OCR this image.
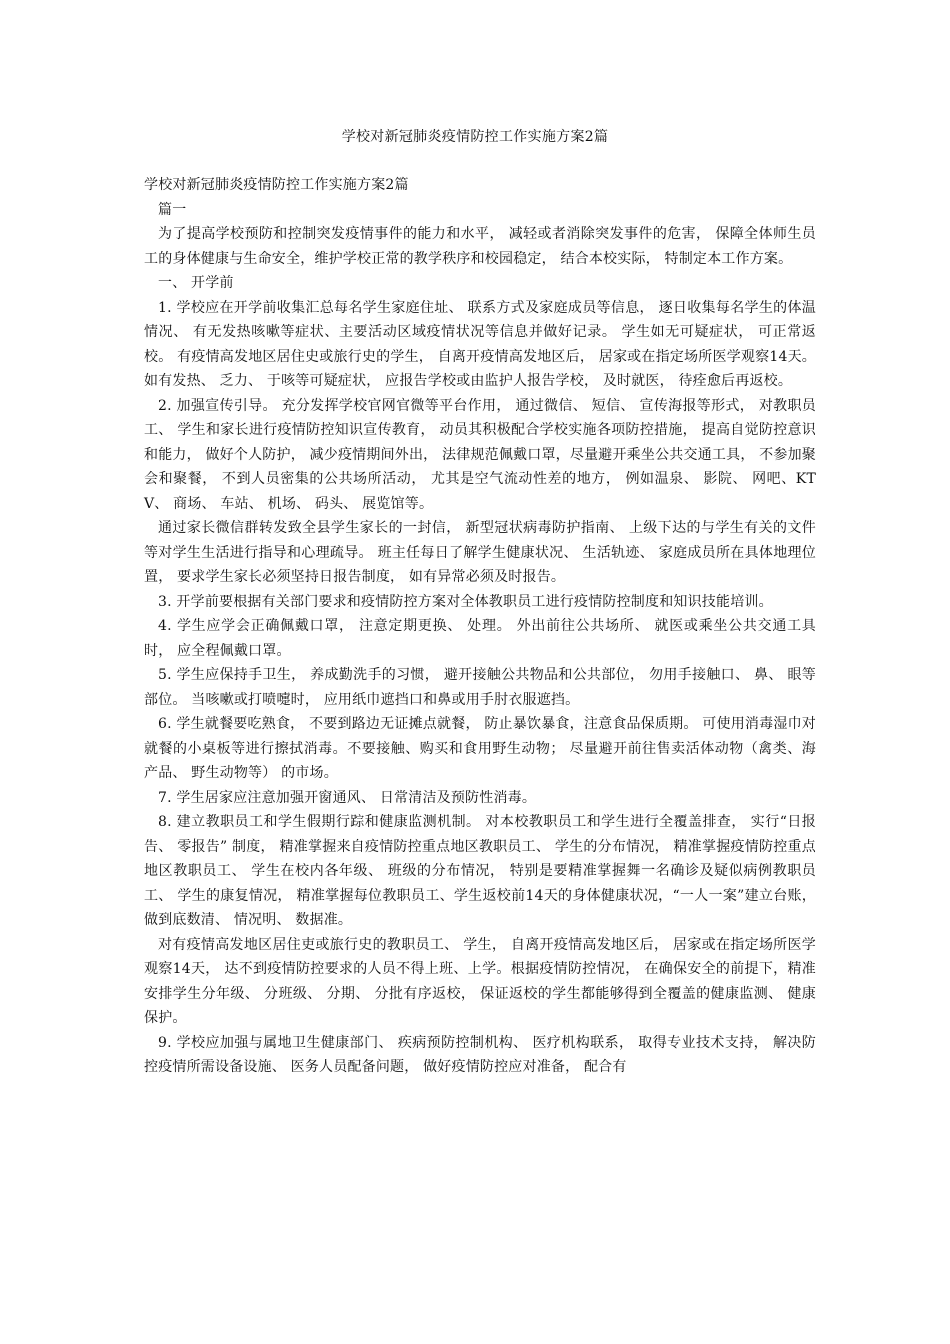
学校对新冠肺炎疫情防控工作实施方案2篇

学校对新冠肺炎疫情防控工作实施方案2篇

篇一

为了提高学校预防和控制突发疫情事件的能力和水平， 减轻或者消除突发事件的危害， 保障全体师生员工的身体健康与生命安全，维护学校正常的教学秩序和校园稳定， 结合本校实际， 特制定本工作方案。

一、 开学前

1. 学校应在开学前收集汇总每名学生家庭住址、 联系方式及家庭成员等信息， 逐日收集每名学生的体温情况、 有无发热咳嗽等症状、主要活动区域疫情状况等信息并做好记录。 学生如无可疑症状， 可正常返校。 有疫情高发地区居住史或旅行史的学生， 自离开疫情高发地区后， 居家或在指定场所医学观察14天。 如有发热、 乏力、 于咳等可疑症状， 应报告学校或由监护人报告学校， 及时就医， 待痊愈后再返校。

2. 加强宣传引导。 充分发挥学校官网官微等平台作用， 通过微信、 短信、 宣传海报等形式， 对教职员工、 学生和家长进行疫情防控知识宣传教育， 动员其积极配合学校实施各项防控措施， 提高自觉防控意识和能力， 做好个人防护， 减少疫情期间外出， 法律规范佩戴口罩，尽量避开乘坐公共交通工具， 不参加聚会和聚餐， 不到人员密集的公共场所活动， 尤其是空气流动性差的地方， 例如温泉、 影院、 网吧、KTV、 商场、 车站、 机场、 码头、 展览馆等。

通过家长微信群转发致全县学生家长的一封信， 新型冠状病毒防护指南、 上级下达的与学生有关的文件等对学生生活进行指导和心理疏导。 班主任每日了解学生健康状况、 生活轨迹、 家庭成员所在具体地理位置， 要求学生家长必须坚持日报告制度， 如有异常必须及时报告。

3. 开学前要根据有关部门要求和疫情防控方案对全体教职员工进行疫情防控制度和知识技能培训。

4. 学生应学会正确佩戴口罩， 注意定期更换、 处理。 外出前往公共场所、 就医或乘坐公共交通工具时， 应全程佩戴口罩。

5. 学生应保持手卫生， 养成勤洗手的习惯， 避开接触公共物品和公共部位， 勿用手接触口、 鼻、 眼等部位。 当咳嗽或打喷嚏时， 应用纸巾遮挡口和鼻或用手肘衣服遮挡。

6. 学生就餐要吃熟食， 不要到路边无证摊点就餐， 防止暴饮暴食，注意食品保质期。 可使用消毒湿巾对就餐的小桌板等进行擦拭消毒。不要接触、购买和食用野生动物； 尽量避开前往售卖活体动物（禽类、海产品、 野生动物等） 的市场。

7. 学生居家应注意加强开窗通风、 日常清洁及预防性消毒。

8. 建立教职员工和学生假期行踪和健康监测机制。 对本校教职员工和学生进行全覆盖排查， 实行“日报告、 零报告” 制度， 精准掌握来自疫情防控重点地区教职员工、 学生的分布情况， 精准掌握疫情防控重点地区教职员工、 学生在校内各年级、 班级的分布情况， 特别是要精准掌握舞一名确诊及疑似病例教职员工、 学生的康复情况， 精准掌握每位教职员工、学生返校前14天的身体健康状况，“一人一案”建立台账， 做到底数清、 情况明、 数据准。

对有疫情高发地区居住吏或旅行史的教职员工、 学生， 自离开疫情高发地区后， 居家或在指定场所医学观察14天， 达不到疫情防控要求的人员不得上班、上学。根据疫情防控情况， 在确保安全的前提下，精准安排学生分年级、 分班级、 分期、 分批有序返校， 保证返校的学生都能够得到全覆盖的健康监测、 健康保护。

9. 学校应加强与属地卫生健康部门、 疾病预防控制机构、 医疗机构联系， 取得专业技术支持， 解决防控疫情所需设备设施、 医务人员配备问题， 做好疫情防控应对准备， 配合有
